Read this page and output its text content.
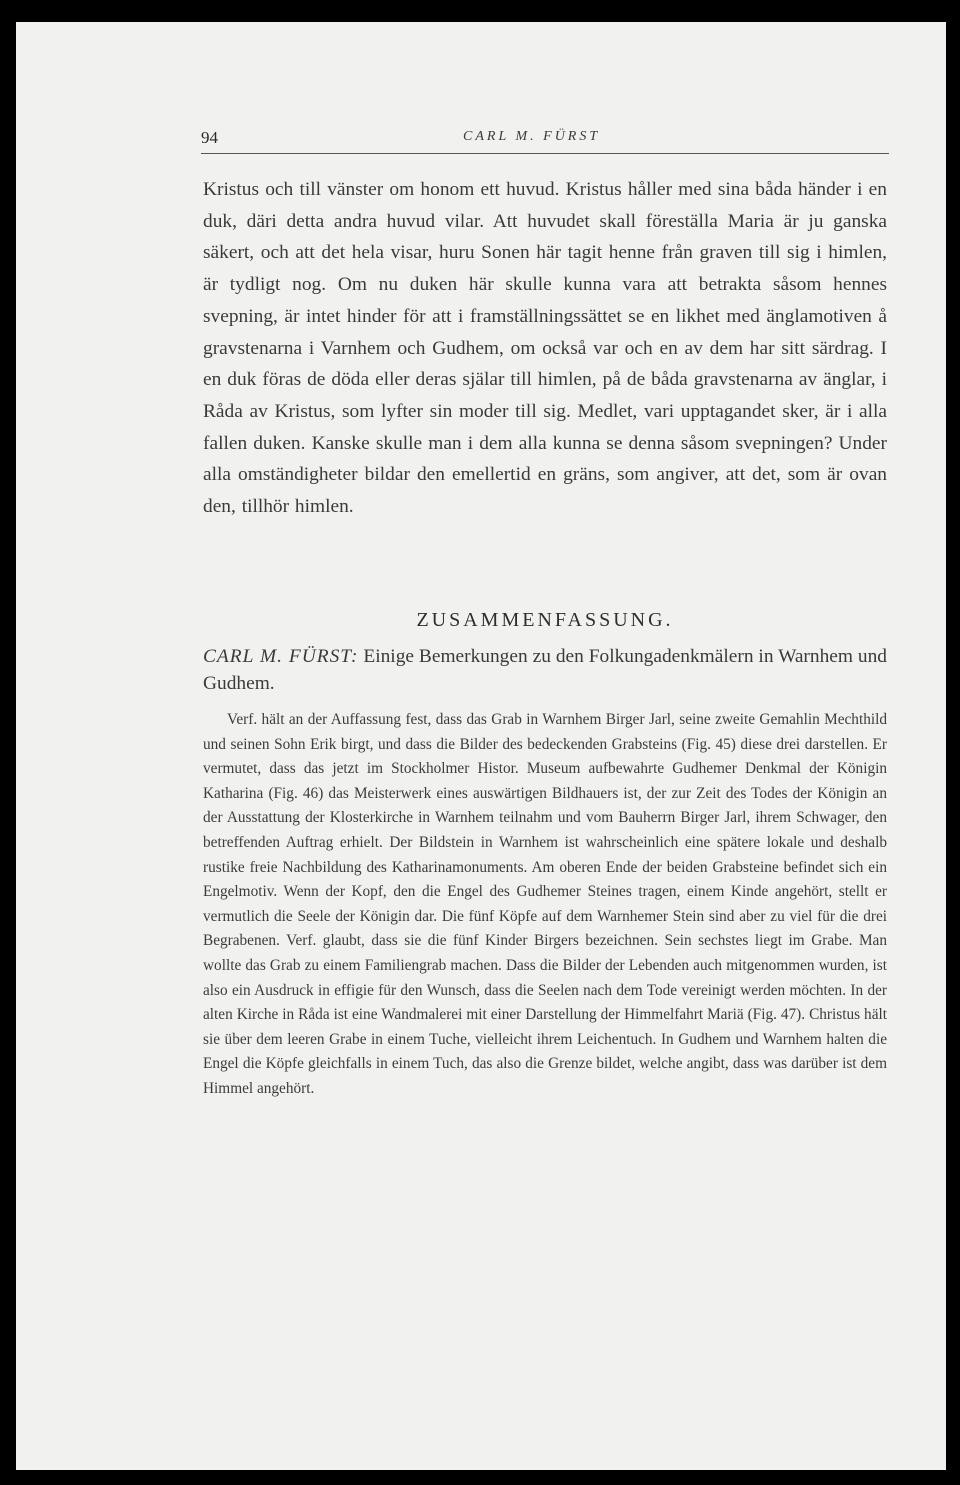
94	CARL M. FÜRST

Kristus och till vänster om honom ett huvud. Kristus håller med sina båda händer i en duk, däri detta andra huvud vilar. Att huvudet skall föreställa Maria är ju ganska säkert, och att det hela visar, huru Sonen här tagit henne från graven till sig i himlen, är tydligt nog. Om nu duken här skulle kunna vara att betrakta såsom hennes svepning, är intet hinder för att i framställningssättet se en likhet med änglamotiven å gravstenarna i Varnhem och Gudhem, om också var och en av dem har sitt särdrag. I en duk föras de döda eller deras själar till himlen, på de båda gravstenarna av änglar, i Råda av Kristus, som lyfter sin moder till sig. Medlet, vari upptagandet sker, är i alla fallen duken. Kanske skulle man i dem alla kunna se denna såsom svepningen? Under alla omständigheter bildar den emellertid en gräns, som angiver, att det, som är ovan den, tillhör himlen.

ZUSAMMENFASSUNG.

CARL M. FÜRST: Einige Bemerkungen zu den Folkungadenkmälern in Warnhem und Gudhem.

Verf. hält an der Auffassung fest, dass das Grab in Warnhem Birger Jarl, seine zweite Gemahlin Mechthild und seinen Sohn Erik birgt, und dass die Bilder des bedeckenden Grabsteins (Fig. 45) diese drei darstellen. Er vermutet, dass das jetzt im Stockholmer Histor. Museum aufbewahrte Gudhemer Denkmal der Königin Katharina (Fig. 46) das Meisterwerk eines auswärtigen Bildhauers ist, der zur Zeit des Todes der Königin an der Ausstattung der Klosterkirche in Warnhem teilnahm und vom Bauherrn Birger Jarl, ihrem Schwager, den betreffenden Auftrag erhielt. Der Bildstein in Warnhem ist wahrscheinlich eine spätere lokale und deshalb rustike freie Nachbildung des Katharinamonuments. Am oberen Ende der beiden Grabsteine befindet sich ein Engelmotiv. Wenn der Kopf, den die Engel des Gudhemer Steines tragen, einem Kinde angehört, stellt er vermutlich die Seele der Königin dar. Die fünf Köpfe auf dem Warnhemer Stein sind aber zu viel für die drei Begrabenen. Verf. glaubt, dass sie die fünf Kinder Birgers bezeichnen. Sein sechstes liegt im Grabe. Man wollte das Grab zu einem Familiengrab machen. Dass die Bilder der Lebenden auch mitgenommen wurden, ist also ein Ausdruck in effigie für den Wunsch, dass die Seelen nach dem Tode vereinigt werden möchten. In der alten Kirche in Råda ist eine Wandmalerei mit einer Darstellung der Himmelfahrt Mariä (Fig. 47). Christus hält sie über dem leeren Grabe in einem Tuche, vielleicht ihrem Leichentuch. In Gudhem und Warnhem halten die Engel die Köpfe gleichfalls in einem Tuch, das also die Grenze bildet, welche angibt, dass was darüber ist dem Himmel angehört.
